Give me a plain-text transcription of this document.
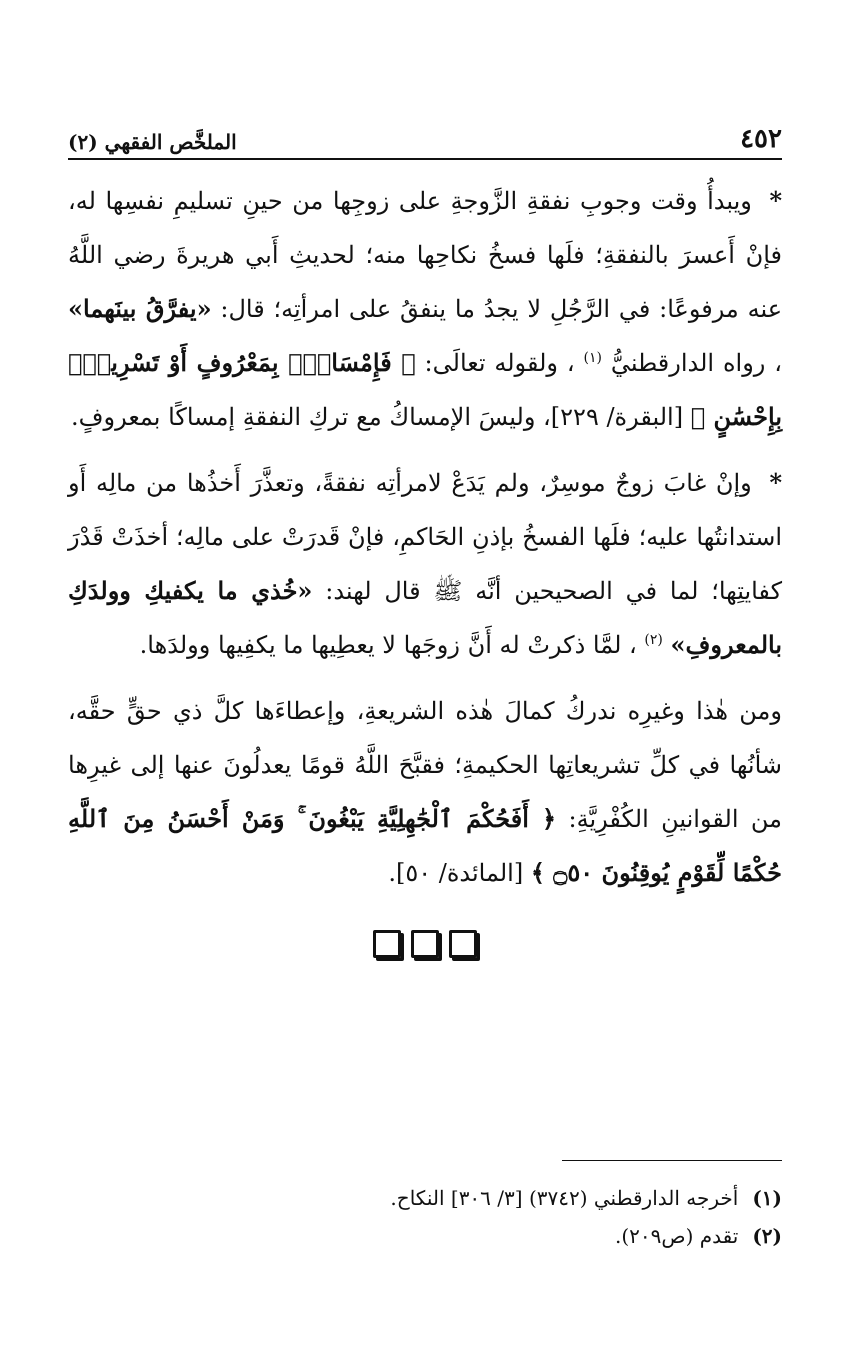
٤٥٢
الملخَّص الفقهي (٢)

* ويبدأُ وقت وجوبِ نفقةِ الزَّوجةِ على زوجِها من حينِ تسليمِ نفسِها له، فإنْ أَعسرَ بالنفقةِ؛ فلَها فسخُ نكاحِها منه؛ لحديثِ أَبي هريرةَ رضي اللَّهُ عنه مرفوعًا: في الرَّجُلِ لا يجدُ ما ينفقُ على امرأتِه؛ قال: «يفرَّقُ بينَهما» ، رواه الدارقطنيُّ $^{(١)}$ ، ولقوله تعالَى: ﴿ فَإِمْسَاكٌۢ بِمَعْرُوفٍ أَوْ تَسْرِيحٌۢ بِإِحْسَٰنٍ ﴾ [البقرة/ ٢٢٩]، وليسَ الإمساكُ مع تركِ النفقةِ إمساكًا بمعروفٍ.

* وإنْ غابَ زوجٌ موسِرٌ، ولم يَدَعْ لامرأتِه نفقةً، وتعذَّرَ أَخذُها من مالِه أَو استدانتُها عليه؛ فلَها الفسخُ بإذنِ الحَاكمِ، فإنْ قَدرَتْ على مالِه؛ أخذَتْ قَدْرَ كفايتِها؛ لما في الصحيحين أنَّه ﷺ قال لهند: «خُذي ما يكفيكِ وولدَكِ بالمعروفِ» $^{(٢)}$ ، لمَّا ذكرتْ له أَنَّ زوجَها لا يعطِيها ما يكفِيها وولدَها.

ومن هٰذا وغيرِه ندركُ كمالَ هٰذه الشريعةِ، وإعطاءَها كلَّ ذي حقٍّ حقَّه، شأنُها في كلِّ تشريعاتِها الحكيمةِ؛ فقبَّحَ اللَّهُ قومًا يعدلُونَ عنها إلى غيرِها من القوانينِ الكُفْرِيَّةِ: ﴿ أَفَحُكْمَ ٱلْجَٰهِلِيَّةِ يَبْغُونَ ۚ وَمَنْ أَحْسَنُ مِنَ ٱللَّهِ حُكْمًا لِّقَوْمٍ يُوقِنُونَ ۝٥٠ ﴾ [المائدة/ ٥٠].

(١)
أخرجه الدارقطني (٣٧٤٢) [٣/ ٣٠٦] النكاح.
(٢)
تقدم (ص٢٠٩).
